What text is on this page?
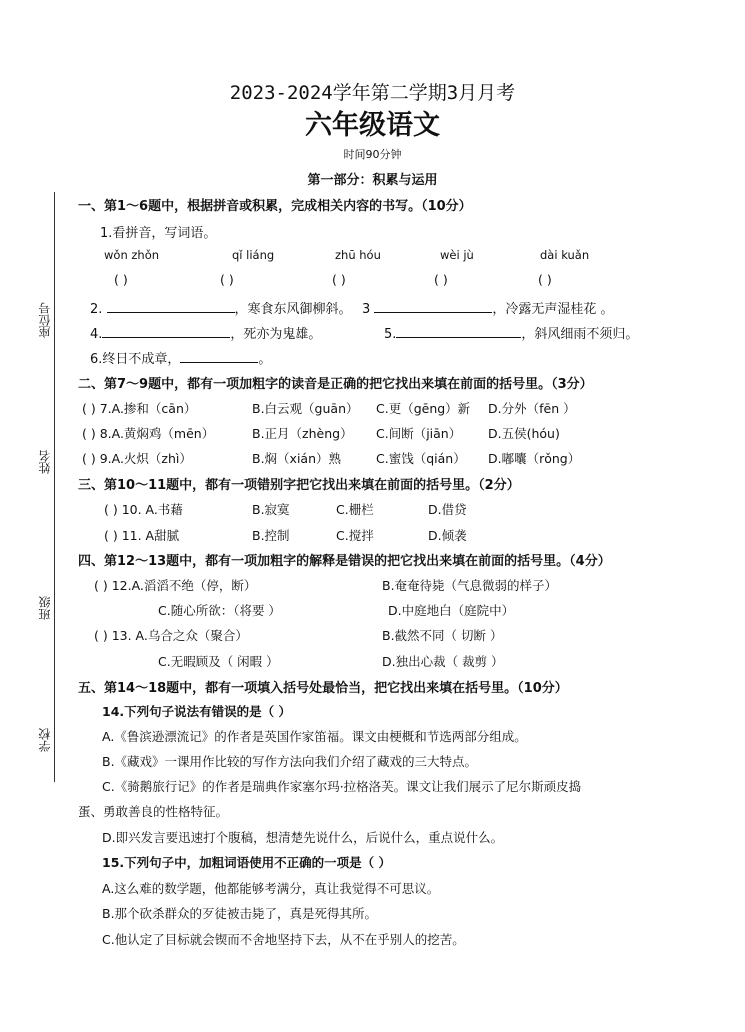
2023-2024学年第二学期3月月考
六年级语文
时间90分钟
第一部分：积累与运用
座位号
姓名
班级
学校
一、第1～6题中，根据拼音或积累，完成相关内容的书写。（10分）
1.看拼音，写词语。
wǒn zhǒn	qǐ liáng	zhū hóu	wèi jù	dài kuǎn
( )	( )	( )	( )	( )
2.	，寒食东风御柳斜。 3	，冷露无声湿桂花 。
4.	，死亦为鬼雄。	5.	，斜风细雨不须归。
6.终日不成章，	。
二、第7～9题中，都有一项加粗字的读音是正确的把它找出来填在前面的括号里。（3分）
( ) 7.A.掺和（cān）	B.白云观（guān） C.更（gēng）新 D.分外（fēn ）
( ) 8.A.黄焖鸡（mēn）	B.正月（zhèng） C.间断（jiān） D.五侯(hóu)
( ) 9.A.火炽（zhì）	B.焖（xián）熟	C.蜜饯（qián） D.嘟囔（rǒng）
三、第10～11题中，都有一项错别字把它找出来填在前面的括号里。（2分）
( ) 10. A.书藉	B.寂寞	C.栅栏	D.借贷
( ) 11. A甜腻	B.控制	C.搅拌	D.倾袭
四、第12～13题中，都有一项加粗字的解释是错误的把它找出来填在前面的括号里。（4分）
( ) 12.A.滔滔不绝（停，断）	B.奄奄待毙（气息微弱的样子）
C.随心所欲：（将要 ）	D.中庭地白（庭院中）
( ) 13. A.乌合之众（聚合）	B.截然不同（ 切断 ）
C.无暇顾及（ 闲暇 ）	D.独出心裁（ 裁剪 ）
五、第14～18题中，都有一项填入括号处最恰当，把它找出来填在括号里。（10分）
14.下列句子说法有错误的是（ ）
A.《鲁滨逊漂流记》的作者是英国作家笛福。课文由梗概和节选两部分组成。
B.《藏戏》一课用作比较的写作方法向我们介绍了藏戏的三大特点。
C.《骑鹅旅行记》的作者是瑞典作家塞尔玛·拉格洛芙。课文让我们展示了尼尔斯顽皮捣
蛋、勇敢善良的性格特征。
D.即兴发言要迅速打个腹稿，想清楚先说什么，后说什么，重点说什么。
15.下列句子中，加粗词语使用不正确的一项是（ ）
A.这么难的数学题，他都能够考满分，真让我觉得不可思议。
B.那个砍杀群众的歹徒被击毙了，真是死得其所。
C.他认定了目标就会锲而不舍地坚持下去，从不在乎别人的挖苦。
